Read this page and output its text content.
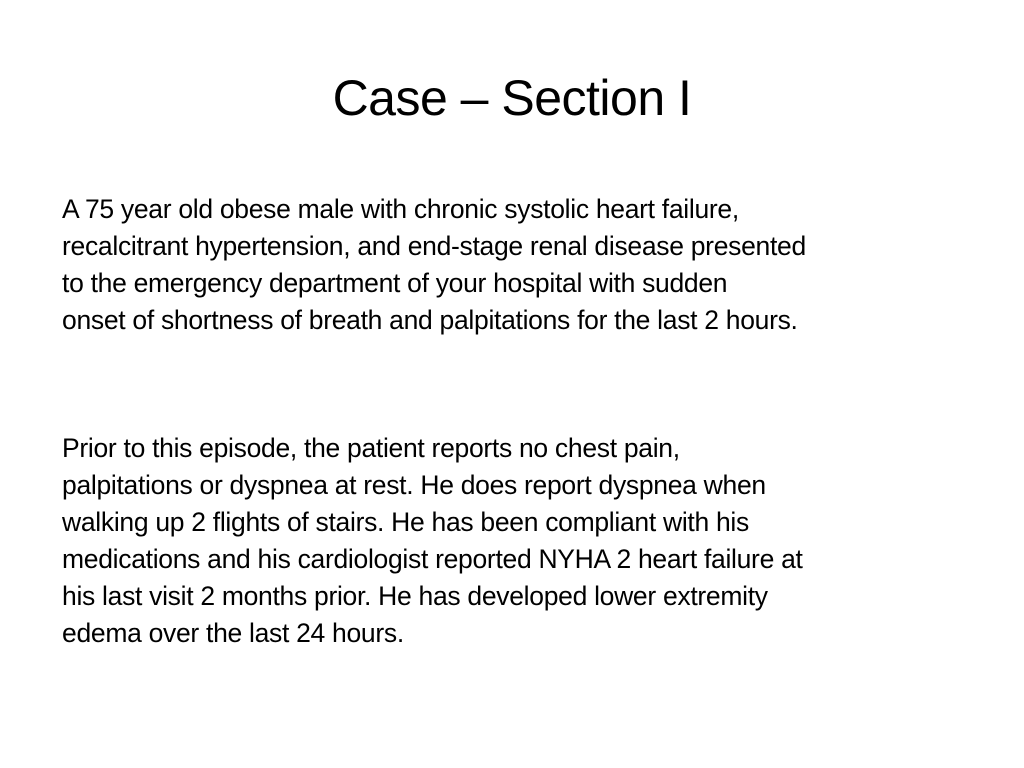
Case – Section I

A 75 year old obese male with chronic systolic heart failure,
recalcitrant hypertension, and end-stage renal disease presented
to the emergency department of your hospital with sudden
onset of shortness of breath and palpitations for the last 2 hours.

Prior to this episode, the patient reports no chest pain,
palpitations or dyspnea at rest. He does report dyspnea when
walking up 2 flights of stairs. He has been compliant with his
medications and his cardiologist reported NYHA 2 heart failure at
his last visit 2 months prior. He has developed lower extremity
edema over the last 24 hours.
